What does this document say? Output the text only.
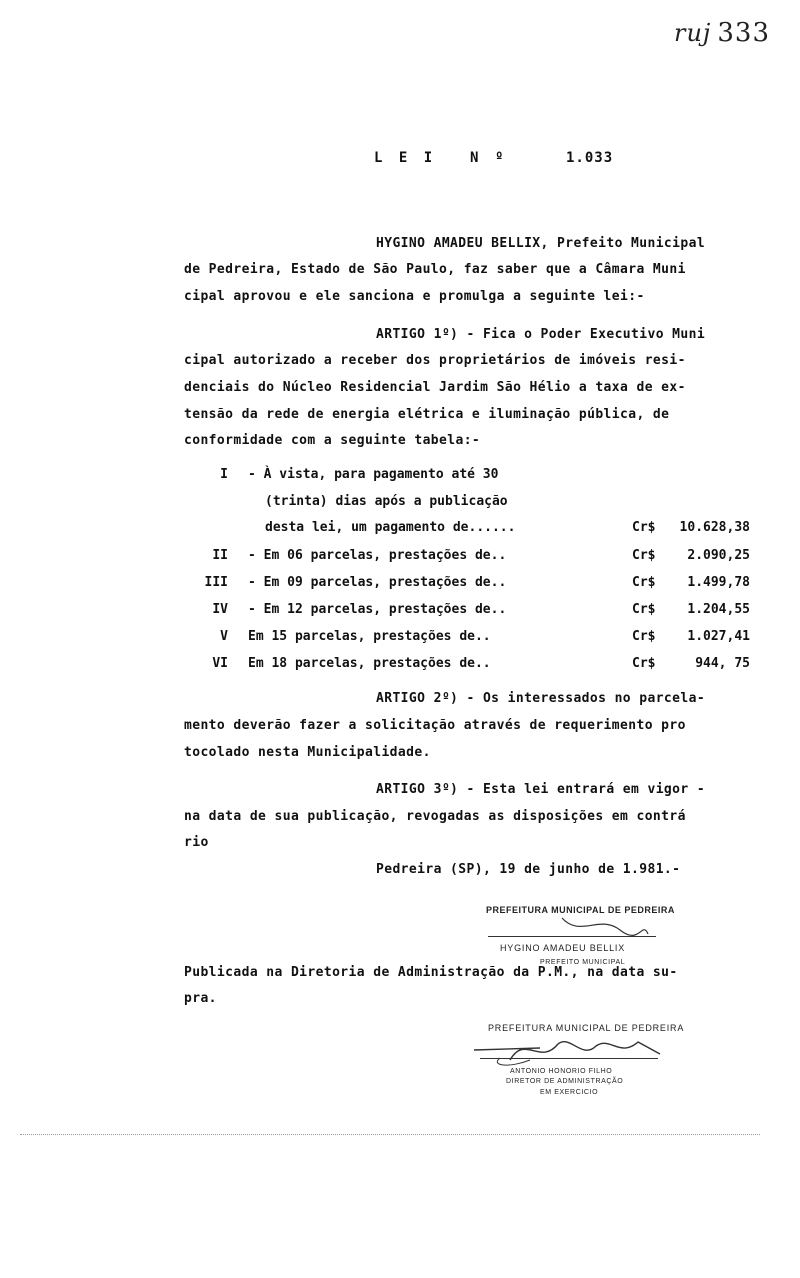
ruj 333
L E I	N º	1.033
HYGINO AMADEU BELLIX, Prefeito Municipal
de Pedreira, Estado de São Paulo, faz saber que a Câmara Muni
cipal aprovou e ele sanciona e promulga a seguinte lei:-
ARTIGO 1º) - Fica o Poder Executivo Muni
cipal autorizado a receber dos proprietários de imóveis resi-
denciais do Núcleo Residencial Jardim São Hélio a taxa de ex-
tensão da rede de energia elétrica e iluminação pública, de
conformidade com a seguinte tabela:-
I - À vista, para pagamento até 30
(trinta) dias após a publicação
desta lei, um pagamento de......	Cr$	10.628,38
II - Em 06 parcelas, prestações de..	Cr$	2.090,25
III - Em 09 parcelas, prestações de..	Cr$	1.499,78
IV - Em 12 parcelas, prestações de..	Cr$	1.204,55
V Em 15 parcelas, prestações de..	Cr$	1.027,41
VI Em 18 parcelas, prestações de..	Cr$	944, 75
ARTIGO 2º) - Os interessados no parcela-
mento deverão fazer a solicitação através de requerimento pro
tocolado nesta Municipalidade.
ARTIGO 3º) - Esta lei entrará em vigor -
na data de sua publicação, revogadas as disposições em contrá
rio
Pedreira (SP), 19 de junho de 1.981.-
PREFEITURA MUNICIPAL DE PEDREIRA
HYGINO AMADEU BELLIX
PREFEITO MUNICIPAL
Publicada na Diretoria de Administração da P.M., na data su-
pra.
PREFEITURA MUNICIPAL DE PEDREIRA
ANTONIO HONORIO FILHO
DIRETOR DE ADMINISTRAÇÃO
EM EXERCICIO
